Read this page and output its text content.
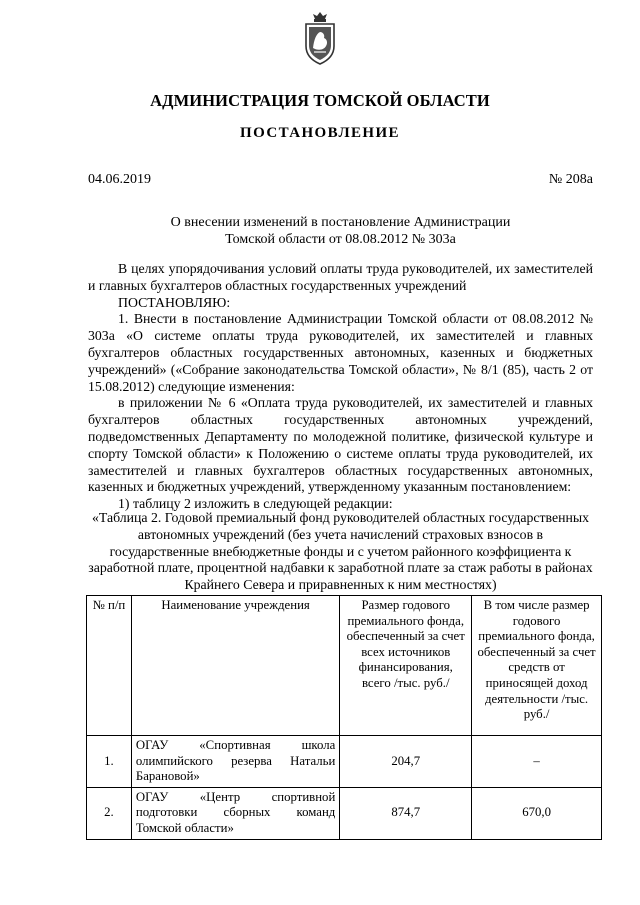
АДМИНИСТРАЦИЯ ТОМСКОЙ ОБЛАСТИ
ПОСТАНОВЛЕНИЕ
04.06.2019	№ 208а
О внесении изменений в постановление Администрации
Томской области от 08.08.2012 № 303а

В целях упорядочивания условий оплаты труда руководителей, их заместителей и главных бухгалтеров областных государственных учреждений

ПОСТАНОВЛЯЮ:

1. Внести в постановление Администрации Томской области от 08.08.2012 № 303а «О системе оплаты труда руководителей, их заместителей и главных бухгалтеров областных государственных автономных, казенных и бюджетных учреждений» («Собрание законодательства Томской области», № 8/1 (85), часть 2 от 15.08.2012) следующие изменения:

в приложении № 6 «Оплата труда руководителей, их заместителей и главных бухгалтеров областных государственных автономных учреждений, подведомственных Департаменту по молодежной политике, физической культуре и спорту Томской области» к Положению о системе оплаты труда руководителей, их заместителей и главных бухгалтеров областных государственных автономных, казенных и бюджетных учреждений, утвержденному указанным постановлением:

1) таблицу 2 изложить в следующей редакции:

«Таблица 2. Годовой премиальный фонд руководителей областных государственных автономных учреждений (без учета начислений страховых взносов в государственные внебюджетные фонды и с учетом районного коэффициента к заработной плате, процентной надбавки к заработной плате за стаж работы в районах Крайнего Севера и приравненных к ним местностях)
№ п/п	Наименование учреждения	Размер годового премиального фонда, обеспеченный за счет всех источников финансирования, всего /тыс. руб./	В том числе размер годового премиального фонда, обеспеченный за счет средств от приносящей доход деятельности /тыс. руб./
1.	ОГАУ «Спортивная школа олимпийского резерва Натальи Барановой»	204,7	–
2.	ОГАУ «Центр спортивной подготовки сборных команд Томской области»	874,7	670,0
